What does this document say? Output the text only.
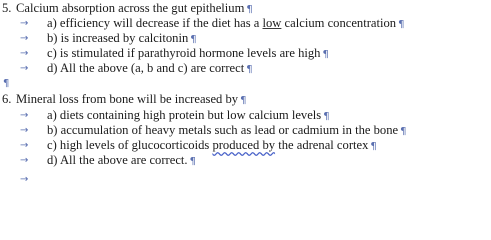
5. Calcium absorption across the gut epithelium ¶
→ a) efficiency will decrease if the diet has a low calcium concentration ¶
→ b) is increased by calcitonin ¶
→ c) is stimulated if parathyroid hormone levels are high ¶
→ d) All the above (a, b and c) are correct ¶
¶
6. Mineral loss from bone will be increased by ¶
→ a) diets containing high protein but low calcium levels ¶
→ b) accumulation of heavy metals such as lead or cadmium in the bone ¶
→ c) high levels of glucocorticoids produced by the adrenal cortex ¶
→ d) All the above are correct. ¶
→
